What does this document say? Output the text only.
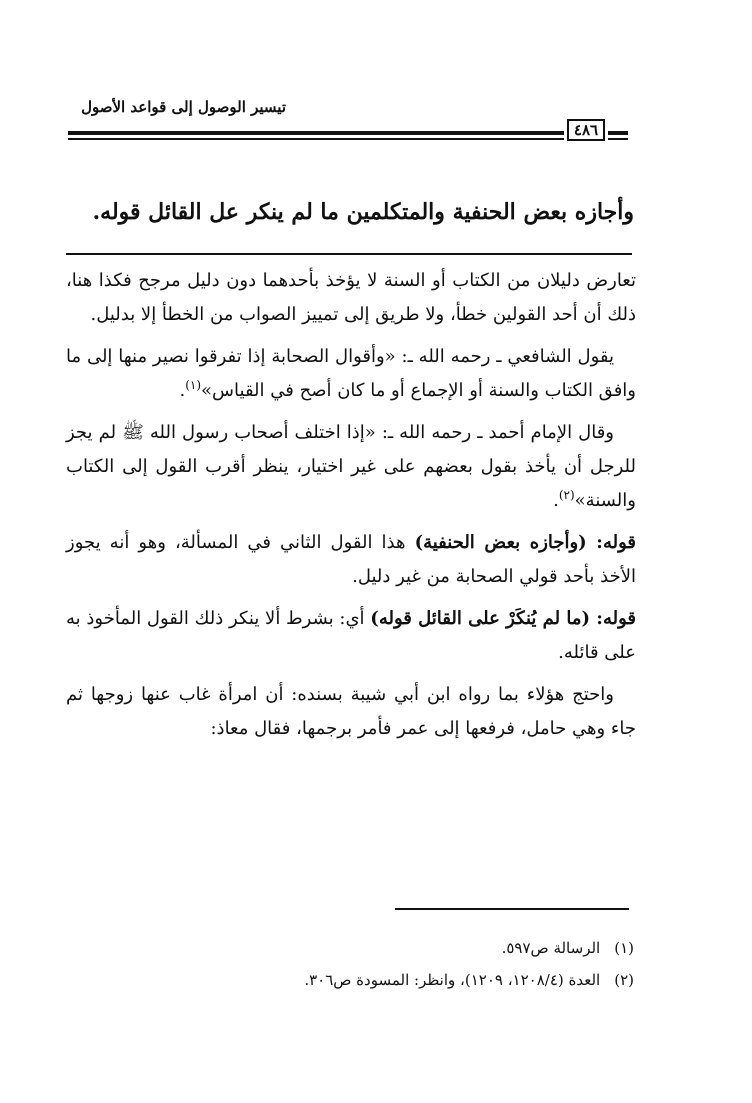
تيسير الوصول إلى قواعد الأصول
٤٨٦
وأجازه بعض الحنفية والمتكلمين ما لم ينكر عل القائل قوله.

تعارض دليلان من الكتاب أو السنة لا يؤخذ بأحدهما دون دليل مرجح فكذا هنا، ذلك أن أحد القولين خطأ، ولا طريق إلى تمييز الصواب من الخطأ إلا بدليل.

يقول الشافعي ـ رحمه الله ـ: «وأقوال الصحابة إذا تفرقوا نصير منها إلى ما وافق الكتاب والسنة أو الإجماع أو ما كان أصح في القياس»$^{(١)}$.

وقال الإمام أحمد ـ رحمه الله ـ: «إذا اختلف أصحاب رسول الله ﷺ لم يجز للرجل أن يأخذ بقول بعضهم على غير اختيار، ينظر أقرب القول إلى الكتاب والسنة»$^{(٢)}$.

قوله: (وأجازه بعض الحنفية) هذا القول الثاني في المسألة، وهو أنه يجوز الأخذ بأحد قولي الصحابة من غير دليل.

قوله: (ما لم يُنكَرْ على القائل قوله) أي: بشرط ألا ينكر ذلك القول المأخوذ به على قائله.

واحتج هؤلاء بما رواه ابن أبي شيبة بسنده: أن امرأة غاب عنها زوجها ثم جاء وهي حامل، فرفعها إلى عمر فأمر برجمها، فقال معاذ:

(١)الرسالة ص٥٩٧.
(٢)العدة (١٢٠٨/٤، ١٢٠٩)، وانظر: المسودة ص٣٠٦.
